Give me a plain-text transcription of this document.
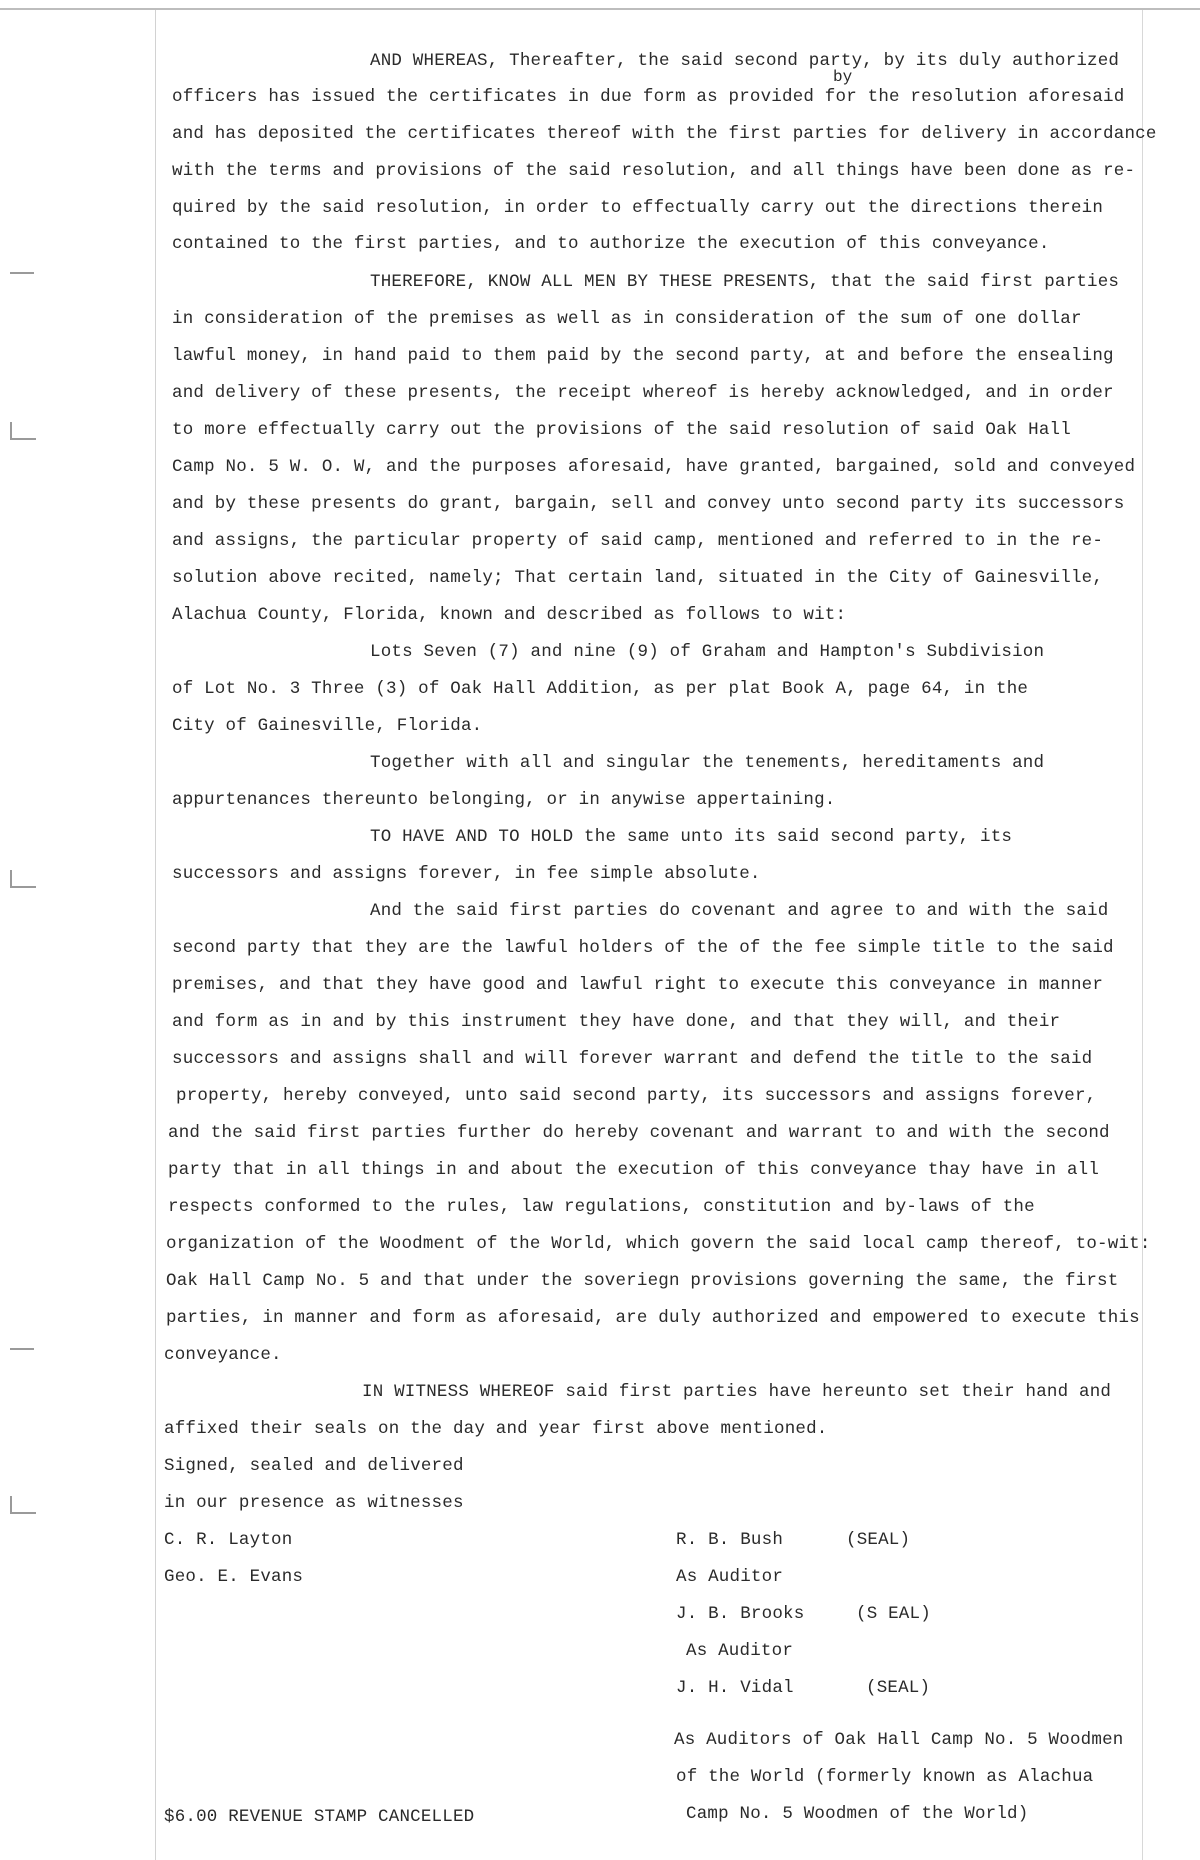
AND WHEREAS, Thereafter, the said second party, by its duly authorized
by
officers has issued the certificates in due form as provided for the resolution aforesaid
and has deposited the certificates thereof with the first parties for delivery in accordance
with the terms and provisions of the said resolution, and all things have been done as re-
quired by the said resolution, in order to effectually carry out the directions therein
contained to the first parties, and to authorize the execution of this conveyance.
THEREFORE, KNOW ALL MEN BY THESE PRESENTS, that the said first parties
in consideration of the premises as well as in consideration of the sum of one dollar
lawful money, in hand paid to them paid by the second party, at and before the ensealing
and delivery of these presents, the receipt whereof is hereby acknowledged, and in order
to more effectually carry out the provisions of the said resolution of said Oak Hall
Camp No. 5 W. O. W, and the purposes aforesaid, have granted, bargained, sold and conveyed
and by these presents do grant, bargain, sell and convey unto second party its successors
and assigns, the particular property of said camp, mentioned and referred to in the re-
solution above recited, namely; That certain land, situated in the City of Gainesville,
Alachua County, Florida, known and described as follows to wit:
Lots Seven (7) and nine (9) of Graham and Hampton's Subdivision
of Lot No. 3 Three (3) of Oak Hall Addition, as per plat Book A, page 64, in the
City of Gainesville, Florida.
Together with all and singular the tenements, hereditaments and
appurtenances thereunto belonging, or in anywise appertaining.
TO HAVE AND TO HOLD the same unto its said second party, its
successors and assigns forever, in fee simple absolute.
And the said first parties do covenant and agree to and with the said
second party that they are the lawful holders of the of the fee simple title to the said
premises, and that they have good and lawful right to execute this conveyance in manner
and form as in and by this instrument they have done, and that they will, and their
successors and assigns shall and will forever warrant and defend the title to the said
property, hereby conveyed, unto said second party, its successors and assigns forever,
and the said first parties further do hereby covenant and warrant to and with the second
party that in all things in and about the execution of this conveyance thay have in all
respects conformed to the rules, law regulations, constitution and by-laws of the
organization of the Woodment of the World, which govern the said local camp thereof, to-wit:
Oak Hall Camp No. 5 and that under the soveriegn provisions governing the same, the first
parties, in manner and form as aforesaid, are duly authorized and empowered to execute this
conveyance.
IN WITNESS WHEREOF said first parties have hereunto set their hand and
affixed their seals on the day and year first above mentioned.
Signed, sealed and delivered
in our presence as witnesses
C. R. Layton
Geo. E. Evans
R. B. Bush	(SEAL)
As Auditor
J. B. Brooks	(S EAL)
As Auditor
J. H. Vidal	(SEAL)
As Auditors of Oak Hall Camp No. 5 Woodmen
of the World (formerly known as Alachua
Camp No. 5 Woodmen of the World)
$6.00 REVENUE STAMP CANCELLED
